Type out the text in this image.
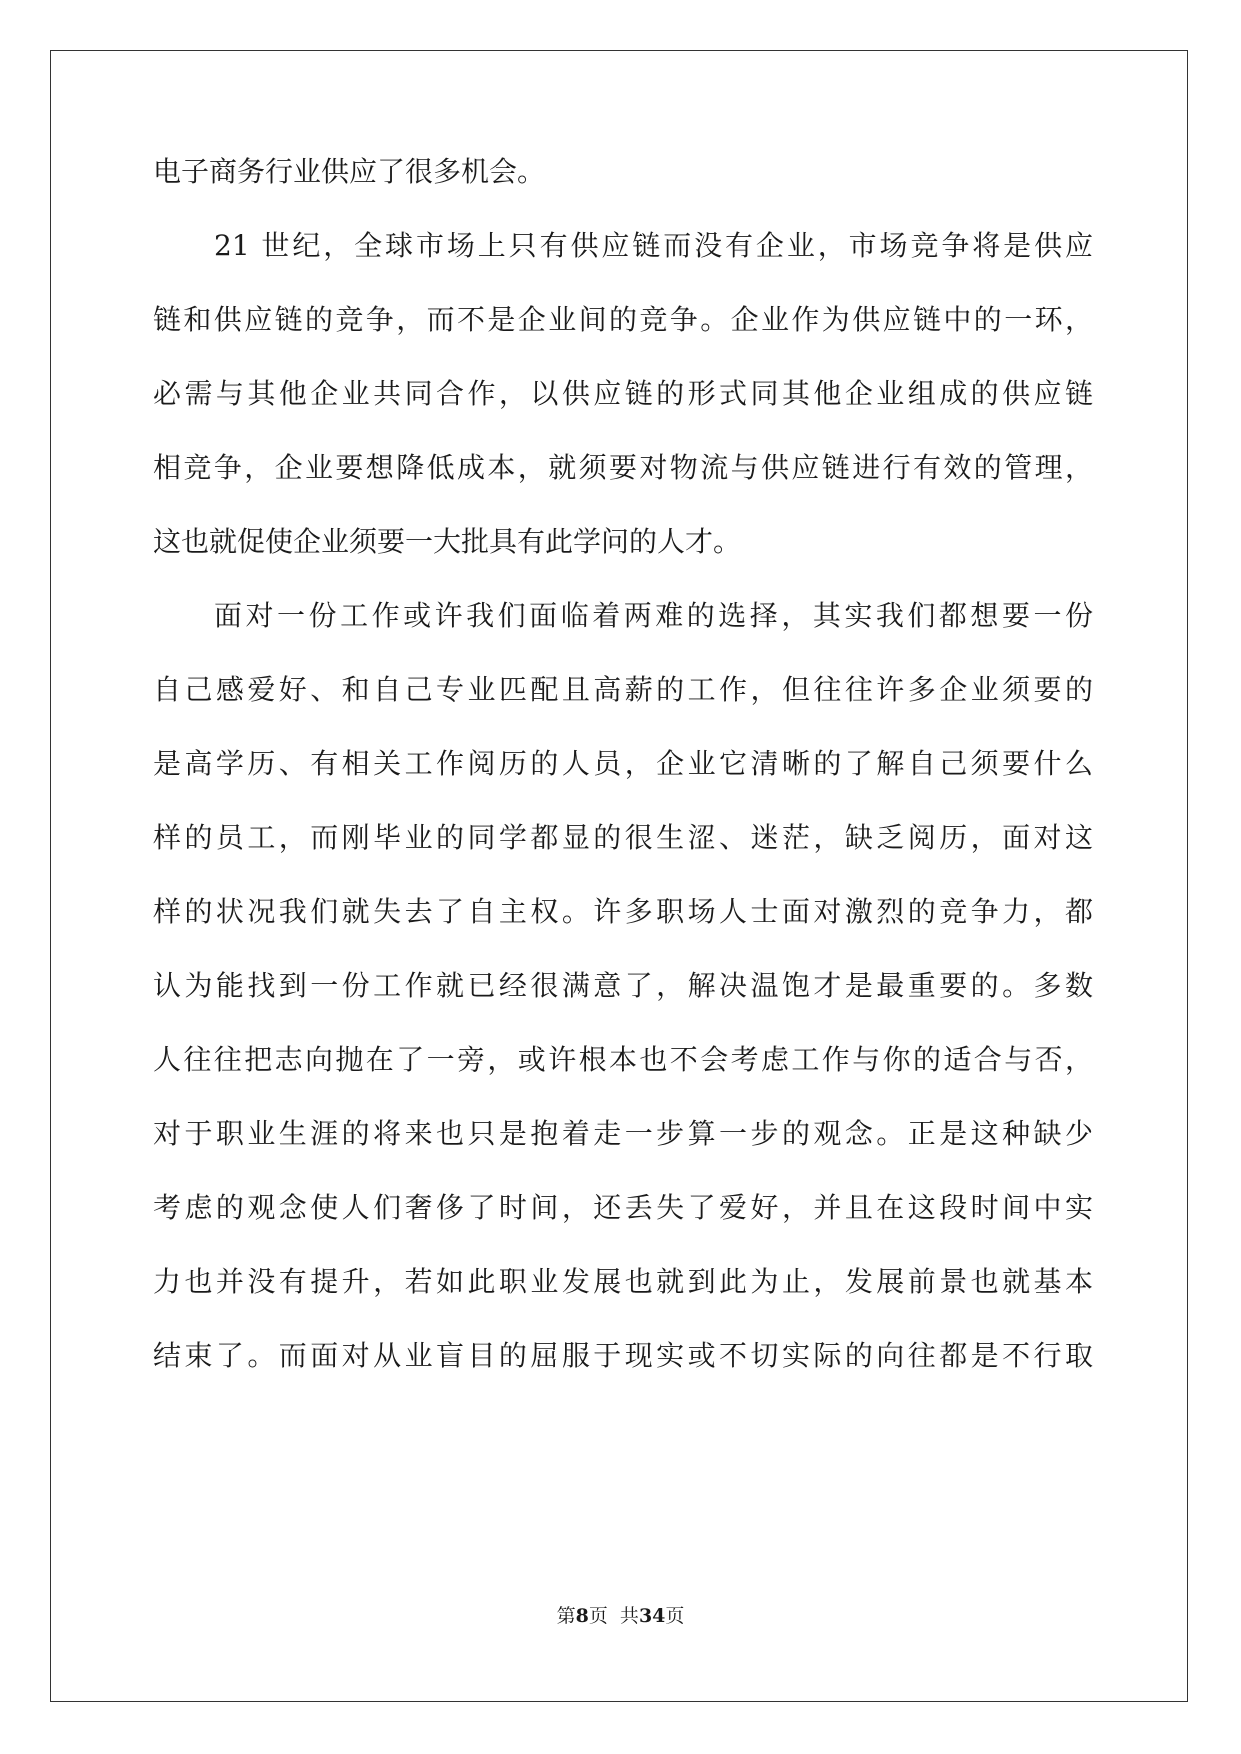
电子商务行业供应了很多机会。
21 世纪，全球市场上只有供应链而没有企业，市场竞争将是供应
链和供应链的竞争，而不是企业间的竞争。企业作为供应链中的一环，
必需与其他企业共同合作，以供应链的形式同其他企业组成的供应链
相竞争，企业要想降低成本，就须要对物流与供应链进行有效的管理，
这也就促使企业须要一大批具有此学问的人才。
面对一份工作或许我们面临着两难的选择，其实我们都想要一份
自己感爱好、和自己专业匹配且高薪的工作，但往往许多企业须要的
是高学历、有相关工作阅历的人员，企业它清晰的了解自己须要什么
样的员工，而刚毕业的同学都显的很生涩、迷茫，缺乏阅历，面对这
样的状况我们就失去了自主权。许多职场人士面对激烈的竞争力，都
认为能找到一份工作就已经很满意了，解决温饱才是最重要的。多数
人往往把志向抛在了一旁，或许根本也不会考虑工作与你的适合与否，
对于职业生涯的将来也只是抱着走一步算一步的观念。正是这种缺少
考虑的观念使人们奢侈了时间，还丢失了爱好，并且在这段时间中实
力也并没有提升，若如此职业发展也就到此为止，发展前景也就基本
结束了。而面对从业盲目的屈服于现实或不切实际的向往都是不行取
第8页  共34页
